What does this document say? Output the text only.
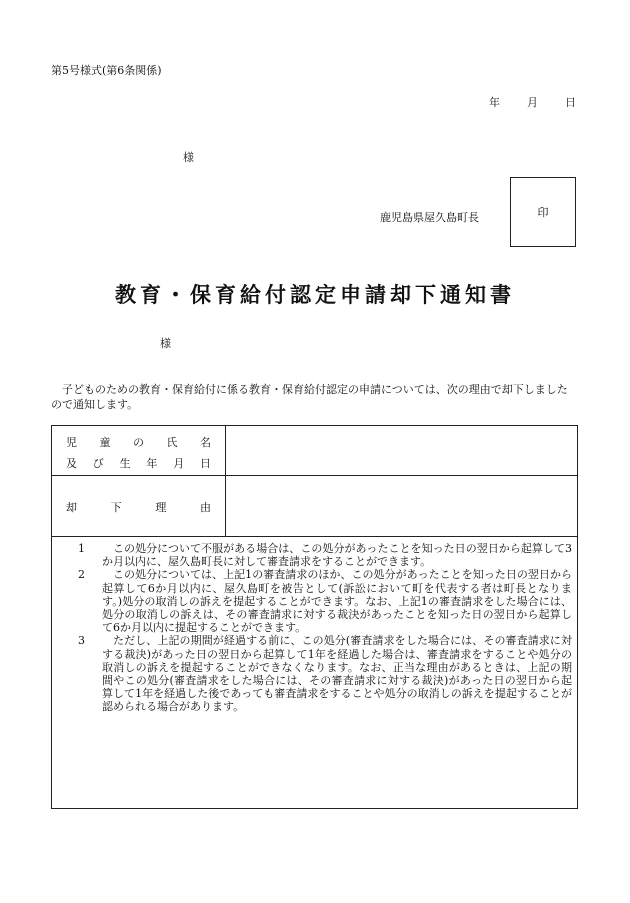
第5号様式(第6条関係)
年 月 日
様
鹿児島県屋久島町長	印
教育・保育給付認定申請却下通知書
様
子どものための教育・保育給付に係る教育・保育給付認定の申請については、次の理由で却下しましたので通知します。
児 童 の 氏 名
及 び 生 年 月 日
却	下	理	由
1	この処分について不服がある場合は、この処分があったことを知った日の翌日から起算して3か月以内に、屋久島町長に対して審査請求をすることができます。
2	この処分については、上記1の審査請求のほか、この処分があったことを知った日の翌日から起算して6か月以内に、屋久島町を被告として(訴訟において町を代表する者は町長となります。)処分の取消しの訴えを提起することができます。なお、上記1の審査請求をした場合には、処分の取消しの訴えは、その審査請求に対する裁決があったことを知った日の翌日から起算して6か月以内に提起することができます。
3	ただし、上記の期間が経過する前に、この処分(審査請求をした場合には、その審査請求に対する裁決)があった日の翌日から起算して1年を経過した場合は、審査請求をすることや処分の取消しの訴えを提起することができなくなります。なお、正当な理由があるときは、上記の期間やこの処分(審査請求をした場合には、その審査請求に対する裁決)があった日の翌日から起算して1年を経過した後であっても審査請求をすることや処分の取消しの訴えを提起することが認められる場合があります。
